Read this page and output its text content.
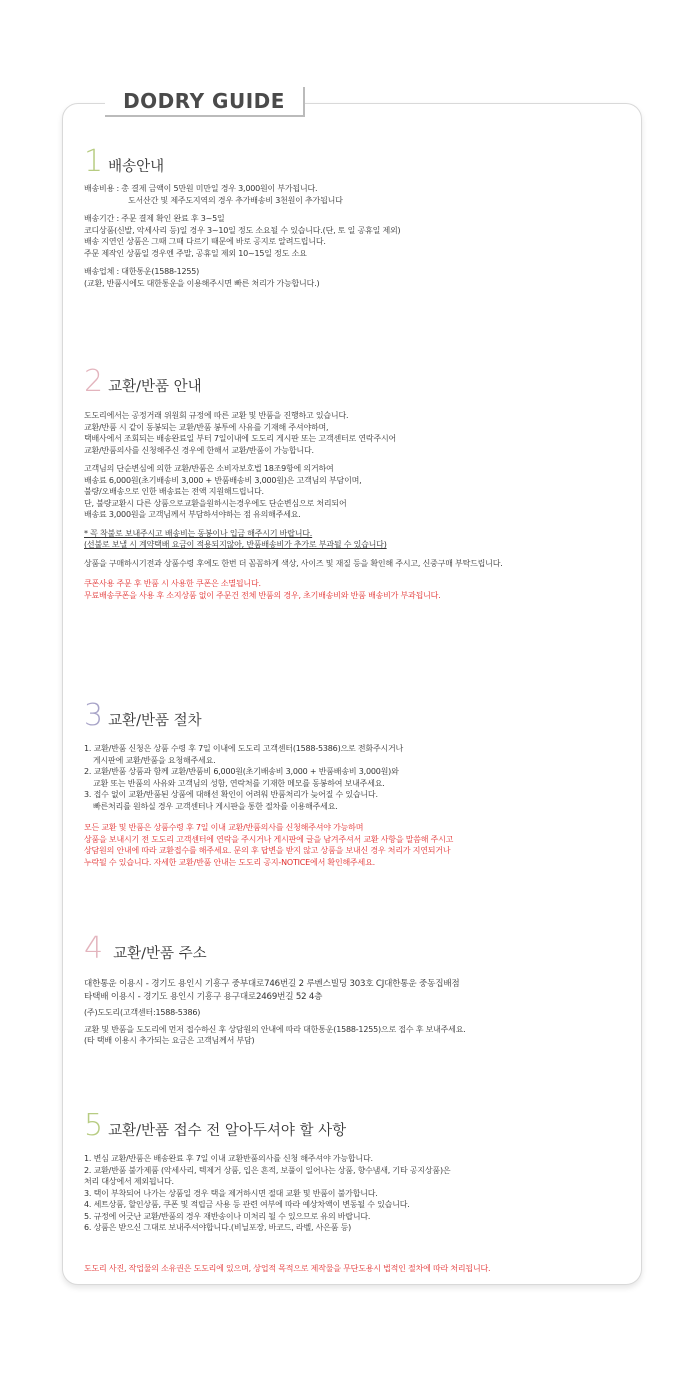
DODRY GUIDE
1 배송안내

배송비용 : 총 결제 금액이 5만원 미만일 경우 3,000원이 부가됩니다.
도서산간 및 제주도지역의 경우 추가배송비 3천원이 추가됩니다

배송기간 : 주문 결제 확인 완료 후 3~5일
코디상품(신발, 악세사리 등)일 경우 3~10일 정도 소요될 수 있습니다.(단, 토 일 공휴일 제외)
배송 지연인 상품은 그때 그때 다르기 때문에 바로 공지로 알려드립니다.
주문 제작인 상품일 경우엔 주말, 공휴일 제외 10~15일 정도 소요

배송업체 : 대한통운(1588-1255)
(교환, 반품시에도 대한통운을 이용해주시면 빠른 처리가 가능합니다.)

2 교환/반품 안내

도도리에서는 공정거래 위원회 규정에 따른 교환 및 반품을 진행하고 있습니다.
교환/반품 시 같이 동봉되는 교환/반품 봉투에 사유를 기재해 주셔야하며,
택배사에서 조회되는 배송완료일 부터 7일이내에 도도리 게시판 또는 고객센터로 연락주시어
교환/반품의사를 신청해주신 경우에 한해서 교환/반품이 가능합니다.

고객님의 단순변심에 의한 교환/반품은 소비자보호법 18조9항에 의거하여
배송료 6,000원(초기배송비 3,000 + 반품배송비 3,000원)은 고객님의 부담이며,
불량/오배송으로 인한 배송료는 전액 지원해드립니다.
단, 불량교환시 다른 상품으로교환을원하시는경우에도 단순변심으로 처리되어
배송료 3,000원을 고객님께서 부담하셔야하는 점 유의해주세요.

* 꼭 착불로 보내주시고 배송비는 동봉이나 입금 해주시기 바랍니다.
(선불로 보낼 시 계약택배 요금이 적용되지않아, 반품배송비가 추가로 부과될 수 있습니다)

상품을 구매하시기전과 상품수령 후에도 한번 더 꼼꼼하게 색상, 사이즈 및 재질 등을 확인해 주시고, 신중구매 부탁드립니다.

쿠폰사용 주문 후 반품 시 사용한 쿠폰은 소멸됩니다.
무료배송쿠폰을 사용 후 소지상품 없이 주문건 전체 반품의 경우, 초기배송비와 반품 배송비가 부과됩니다.

3 교환/반품 절차

1. 교환/반품 신청은 상품 수령 후 7일 이내에 도도리 고객센터(1588-5386)으로 전화주시거나
게시판에 교환/반품을 요청해주세요.
2. 교환/반품 상품과 함께 교환/반품비 6,000원(초기배송비 3,000 + 반품배송비 3,000원)와
교환 또는 반품의 사유와 고객님의 성함, 연락처를 기재한 메모를 동봉하여 보내주세요.
3. 접수 없이 교환/반품된 상품에 대해선 확인이 어려워 반품처리가 늦어질 수 있습니다.
빠른처리를 원하실 경우 고객센터나 게시판을 통한 절차를 이용해주세요.

모든 교환 및 반품은 상품수령 후 7일 이내 교환/반품의사를 신청해주셔야 가능하며
상품을 보내시기 전 도도리 고객센터에 연락을 주시거나 게시판에 글을 남겨주셔서 교환 사항을 말씀해 주시고
상담원의 안내에 따라 교환접수를 해주세요. 문의 후 답변을 받지 않고 상품을 보내신 경우 처리가 지연되거나
누락될 수 있습니다. 자세한 교환/반품 안내는 도도리 공지-NOTICE에서 확인해주세요.

4 교환/반품 주소

대한통운 이용시 - 경기도 용인시 기흥구 중부대로746번길 2 루벤스빌딩 303호 CJ대한통운 중동집배점
타택배 이용시 - 경기도 용인시 기흥구 용구대로2469번길 52 4층

(주)도도리(고객센터:1588-5386)

교환 및 반품을 도도리에 먼저 접수하신 후 상담원의 안내에 따라 대한통운(1588-1255)으로 접수 후 보내주세요.
(타 택배 이용시 추가되는 요금은 고객님께서 부담)

5 교환/반품 접수 전 알아두셔야 할 사항

1. 변심 교환/반품은 배송완료 후 7일 이내 교환반품의사를 신청 해주셔야 가능합니다.
2. 교환/반품 불가제품 (악세사리, 텍제거 상품, 입은 흔적, 보풀이 일어나는 상품, 향수냄새, 기타 공지상품)은
처리 대상에서 제외됩니다.
3. 택이 부착되어 나가는 상품일 경우 택을 제거하시면 절대 교환 및 반품이 불가합니다.
4. 세트상품, 할인상품, 쿠폰 및 적립금 사용 등 관련 여부에 따라 예상차액이 변동될 수 있습니다.
5. 규정에 어긋난 교환/반품의 경우 재반송이나 미처리 될 수 있으므로 유의 바랍니다.
6. 상품은 받으신 그대로 보내주셔야합니다.(비닐포장, 바코드, 라벨, 사은품 등)

도도리 사진, 작업물의 소유권은 도도리에 있으며, 상업적 목적으로 제작물을 무단도용시 법적인 절차에 따라 처리됩니다.
